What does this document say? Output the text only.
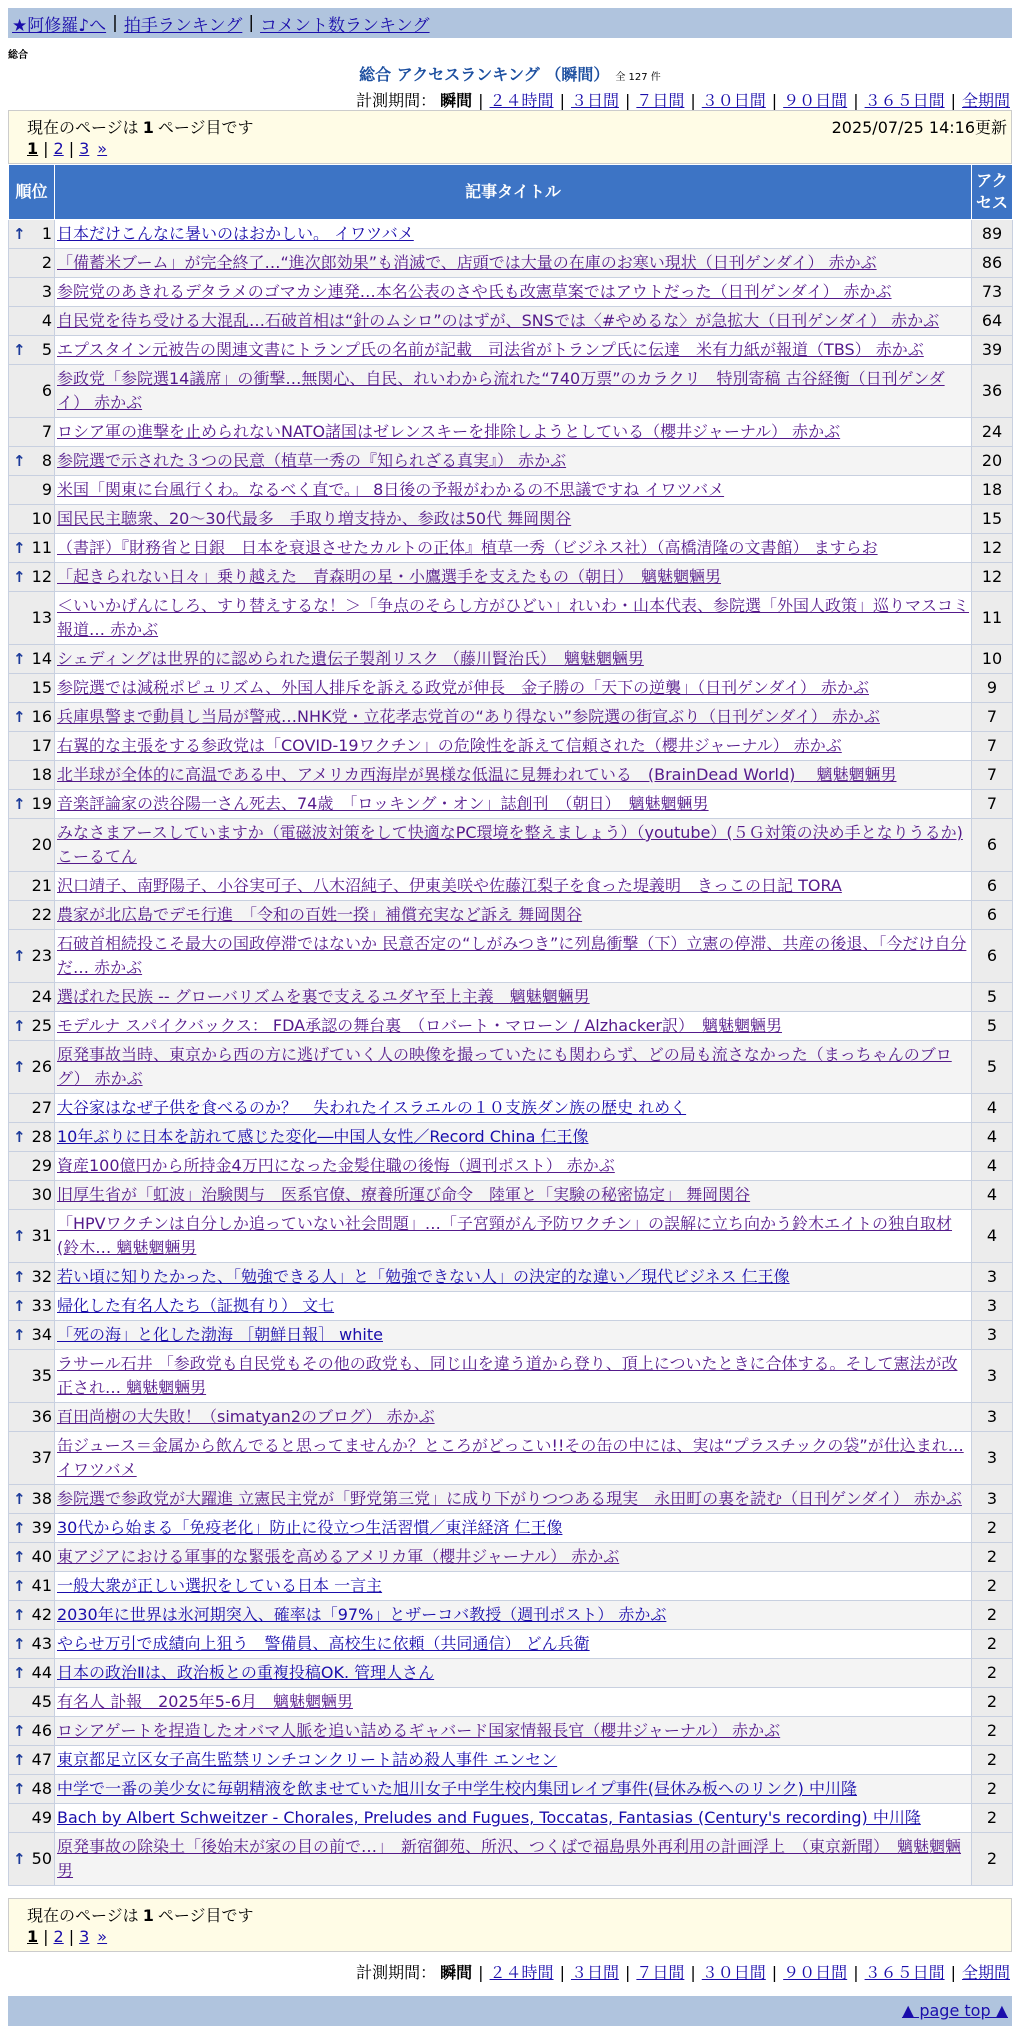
★阿修羅♪へ | 拍手ランキング | コメント数ランキング
総合
総合 アクセスランキング （瞬間） 全 127 件
計測期間： 瞬間 | ２４時間 | ３日間 | ７日間 | ３０日間 | ９０日間 | ３６５日間 | 全期間
現在のページは 1 ページ目です	2025/07/25 14:16更新
1 | 2 | 3 »
順位	記事タイトル	アクセス

↑ 1	日本だけこんなに暑いのはおかしい。 イワツバメ	89
2	「備蓄米ブーム」が完全終了…“進次郎効果”も消滅で、店頭では大量の在庫のお寒い現状（日刊ゲンダイ） 赤かぶ	86
3	参院党のあきれるデタラメのゴマカシ連発…本名公表のさや氏も改憲草案ではアウトだった（日刊ゲンダイ） 赤かぶ	73
4	自民党を待ち受ける大混乱…石破首相は“針のムシロ”のはずが、SNSでは〈#やめるな〉が急拡大（日刊ゲンダイ） 赤かぶ	64

↑ 5	エプスタイン元被告の関連文書にトランプ氏の名前が記載　司法省がトランプ氏に伝達　米有力紙が報道（TBS） 赤かぶ	39
6	参政党「参院選14議席」の衝撃…無関心、自民、れいわから流れた“740万票”のカラクリ　特別寄稿 古谷経衡（日刊ゲンダイ） 赤かぶ	36
7	ロシア軍の進撃を止められないNATO諸国はゼレンスキーを排除しようとしている（櫻井ジャーナル） 赤かぶ	24

↑ 8	参院選で示された３つの民意（植草一秀の『知られざる真実』） 赤かぶ	20
9	米国「関東に台風行くわ。なるべく直で。」 8日後の予報がわかるの不思議ですね イワツバメ	18
10	国民民主聴衆、20～30代最多　手取り増支持か、参政は50代 舞岡関谷	15

↑ 11	（書評）『財務省と日銀　日本を衰退させたカルトの正体』植草一秀（ビジネス社）（高橋清隆の文書館） ますらお	12

↑ 12	「起きられない日々」乗り越えた　青森明の星・小鷹選手を支えたもの（朝日）　魑魅魍魎男	12
13	＜いいかげんにしろ、すり替えするな！＞「争点のそらし方がひどい」れいわ・山本代表、参院選「外国人政策」巡りマスコミ報道… 赤かぶ	11

↑ 14	シェディングは世界的に認められた遺伝子製剤リスク （藤川賢治氏）　魑魅魍魎男	10
15	参院選では減税ポピュリズム、外国人排斥を訴える政党が伸長　金子勝の「天下の逆襲」（日刊ゲンダイ） 赤かぶ	9

↑ 16	兵庫県警まで動員し当局が警戒…NHK党・立花孝志党首の“あり得ない”参院選の街宣ぶり（日刊ゲンダイ） 赤かぶ	7
17	右翼的な主張をする参政党は「COVID-19ワクチン」の危険性を訴えて信頼された（櫻井ジャーナル） 赤かぶ	7
18	北半球が全体的に高温である中、アメリカ西海岸が異様な低温に見舞われている　(BrainDead World)　 魑魅魍魎男	7

↑ 19	音楽評論家の渋谷陽一さん死去、74歳　「ロッキング・オン」誌創刊　（朝日）　魑魅魍魎男	7
20	みなさまアースしていますか（電磁波対策をして快適なPC環境を整えましょう）（youtube）(５Ｇ対策の決め手となりうるか) こーるてん	6
21	沢口靖子、南野陽子、小谷実可子、八木沼純子、伊東美咲や佐藤江梨子を食った堤義明　きっこの日記 TORA	6
22	農家が北広島でデモ行進　「令和の百姓一揆」補償充実など訴え 舞岡関谷	6

↑ 23	石破首相続投こそ最大の国政停滞ではないか 民意否定の“しがみつき”に列島衝撃（下）立憲の停滞、共産の後退、「今だけ自分だ… 赤かぶ	6
24	選ばれた民族 -- グローバリズムを裏で支えるユダヤ至上主義　魑魅魍魎男	5

↑ 25	モデルナ スパイクバックス： FDA承認の舞台裏　（ロバート・マローン / Alzhacker訳）　魑魅魍魎男	5

↑ 26	原発事故当時、東京から西の方に逃げていく人の映像を撮っていたにも関わらず、どの局も流さなかった（まっちゃんのブログ） 赤かぶ	5
27	大谷家はなぜ子供を食べるのか？　失われたイスラエルの１０支族ダン族の歴史 れめく	4

↑ 28	10年ぶりに日本を訪れて感じた変化―中国人女性／Record China 仁王像	4
29	資産100億円から所持金4万円になった金髪住職の後悔（週刊ポスト） 赤かぶ	4
30	旧厚生省が「虹波」治験関与　医系官僚、療養所運び命令　陸軍と「実験の秘密協定」 舞岡関谷	4

↑ 31	「HPVワクチンは自分しか追っていない社会問題」…「子宮頸がん予防ワクチン」の誤解に立ち向かう鈴木エイトの独自取材(鈴木… 魑魅魍魎男	4

↑ 32	若い頃に知りたかった、「勉強できる人」と「勉強できない人」の決定的な違い／現代ビジネス 仁王像	3

↑ 33	帰化した有名人たち（証拠有り） 文七	3

↑ 34	「死の海」と化した渤海 ［朝鮮日報］ white	3
35	ラサール石井 「参政党も自民党もその他の政党も、同じ山を違う道から登り、頂上についたときに合体する。そして憲法が改正され… 魑魅魍魎男	3
36	百田尚樹の大失敗！（simatyan2のブログ） 赤かぶ	3
37	缶ジュース＝金属から飲んでると思ってませんか？ところがどっこい!!その缶の中には、実は“プラスチックの袋”が仕込まれ… イワツバメ	3

↑ 38	参院選で参政党が大躍進 立憲民主党が「野党第三党」に成り下がりつつある現実　永田町の裏を読む（日刊ゲンダイ） 赤かぶ	3

↑ 39	30代から始まる「免疫老化」防止に役立つ生活習慣／東洋経済 仁王像	2

↑ 40	東アジアにおける軍事的な緊張を高めるアメリカ軍（櫻井ジャーナル） 赤かぶ	2

↑ 41	一般大衆が正しい選択をしている日本 一言主	2

↑ 42	2030年に世界は氷河期突入、確率は「97%」とザーコバ教授（週刊ポスト） 赤かぶ	2

↑ 43	やらせ万引で成績向上狙う　警備員、高校生に依頼（共同通信） どん兵衛	2

↑ 44	日本の政治Ⅱは、政治板との重複投稿OK. 管理人さん	2
45	有名人 訃報　2025年5-6月　魑魅魍魎男	2

↑ 46	ロシアゲートを捏造したオバマ人脈を追い詰めるギャバード国家情報長官（櫻井ジャーナル） 赤かぶ	2

↑ 47	東京都足立区女子高生監禁リンチコンクリート詰め殺人事件 エンセン	2

↑ 48	中学で一番の美少女に毎朝精液を飲ませていた旭川女子中学生校内集団レイプ事件(昼休み板へのリンク) 中川隆	2
49	Bach by Albert Schweitzer - Chorales, Preludes and Fugues, Toccatas, Fantasias (Century's recording) 中川隆	2

↑ 50	原発事故の除染土「後始末が家の目の前で…」　新宿御苑、所沢、つくばで福島県外再利用の計画浮上　（東京新聞）　魑魅魍魎男	2
現在のページは 1 ページ目です
1 | 2 | 3 »
計測期間： 瞬間 | ２４時間 | ３日間 | ７日間 | ３０日間 | ９０日間 | ３６５日間 | 全期間
▲ page top ▲
